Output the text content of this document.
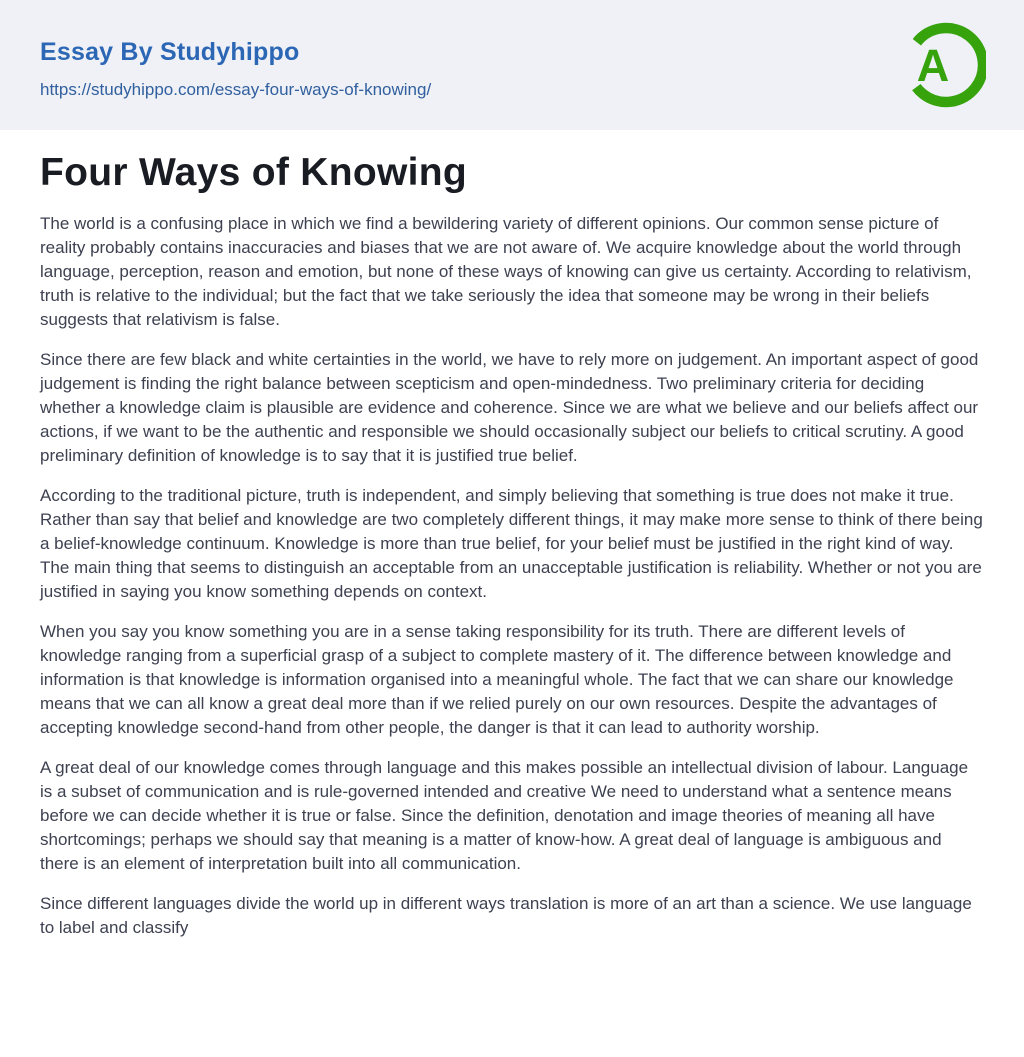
Essay By Studyhippo
https://studyhippo.com/essay-four-ways-of-knowing/	A
Four Ways of Knowing

The world is a confusing place in which we find a bewildering variety of different opinions. Our common sense picture of reality probably contains inaccuracies and biases that we are not aware of. We acquire knowledge about the world through language, perception, reason and emotion, but none of these ways of knowing can give us certainty. According to relativism, truth is relative to the individual; but the fact that we take seriously the idea that someone may be wrong in their beliefs suggests that relativism is false.

Since there are few black and white certainties in the world, we have to rely more on judgement. An important aspect of good judgement is finding the right balance between scepticism and open-mindedness. Two preliminary criteria for deciding whether a knowledge claim is plausible are evidence and coherence. Since we are what we believe and our beliefs affect our actions, if we want to be the authentic and responsible we should occasionally subject our beliefs to critical scrutiny. A good preliminary definition of knowledge is to say that it is justified true belief.

According to the traditional picture, truth is independent, and simply believing that something is true does not make it true. Rather than say that belief and knowledge are two completely different things, it may make more sense to think of there being a belief-knowledge continuum. Knowledge is more than true belief, for your belief must be justified in the right kind of way. The main thing that seems to distinguish an acceptable from an unacceptable justification is reliability. Whether or not you are justified in saying you know something depends on context.

When you say you know something you are in a sense taking responsibility for its truth. There are different levels of knowledge ranging from a superficial grasp of a subject to complete mastery of it. The difference between knowledge and information is that knowledge is information organised into a meaningful whole. The fact that we can share our knowledge means that we can all know a great deal more than if we relied purely on our own resources. Despite the advantages of accepting knowledge second-hand from other people, the danger is that it can lead to authority worship.

A great deal of our knowledge comes through language and this makes possible an intellectual division of labour. Language is a subset of communication and is rule-governed intended and creative We need to understand what a sentence means before we can decide whether it is true or false. Since the definition, denotation and image theories of meaning all have shortcomings; perhaps we should say that meaning is a matter of know-how. A great deal of language is ambiguous and there is an element of interpretation built into all communication.

Since different languages divide the world up in different ways translation is more of an art than a science. We use language to label and classify
